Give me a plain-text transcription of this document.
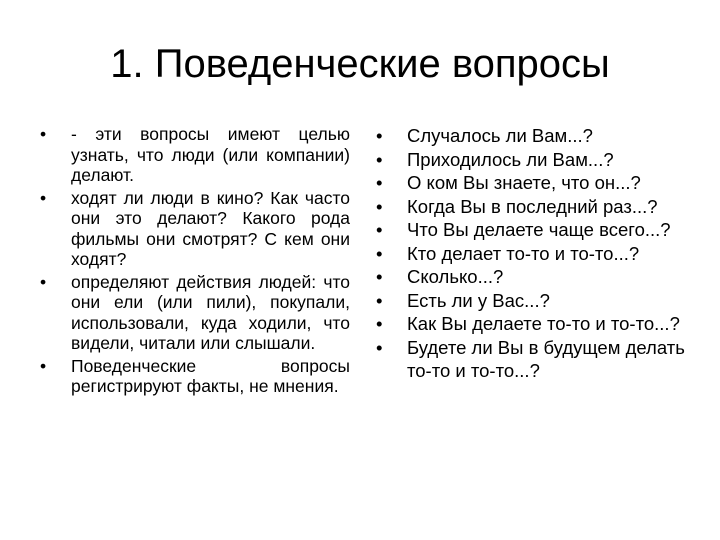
1. Поведенческие вопросы
• - эти вопросы имеют целью узнать, что люди (или компании) делают.
• ходят ли люди в кино? Как часто они это делают? Какого рода фильмы они смотрят? С кем они ходят?
• определяют действия людей: что они ели (или пили), покупали, использовали, куда ходили, что видели, читали или слышали.
• Поведенческие вопросы регистрируют факты, не мнения.
• Случалось ли Вам...?
• Приходилось ли Вам...?
• О ком Вы знаете, что он...?
• Когда Вы в последний раз...?
• Что Вы делаете чаще всего...?
• Кто делает то-то и то-то...?
• Сколько...?
• Есть ли у Вас...?
• Как Вы делаете то-то и то-то...?
• Будете ли Вы в будущем делать то-то и то-то...?
